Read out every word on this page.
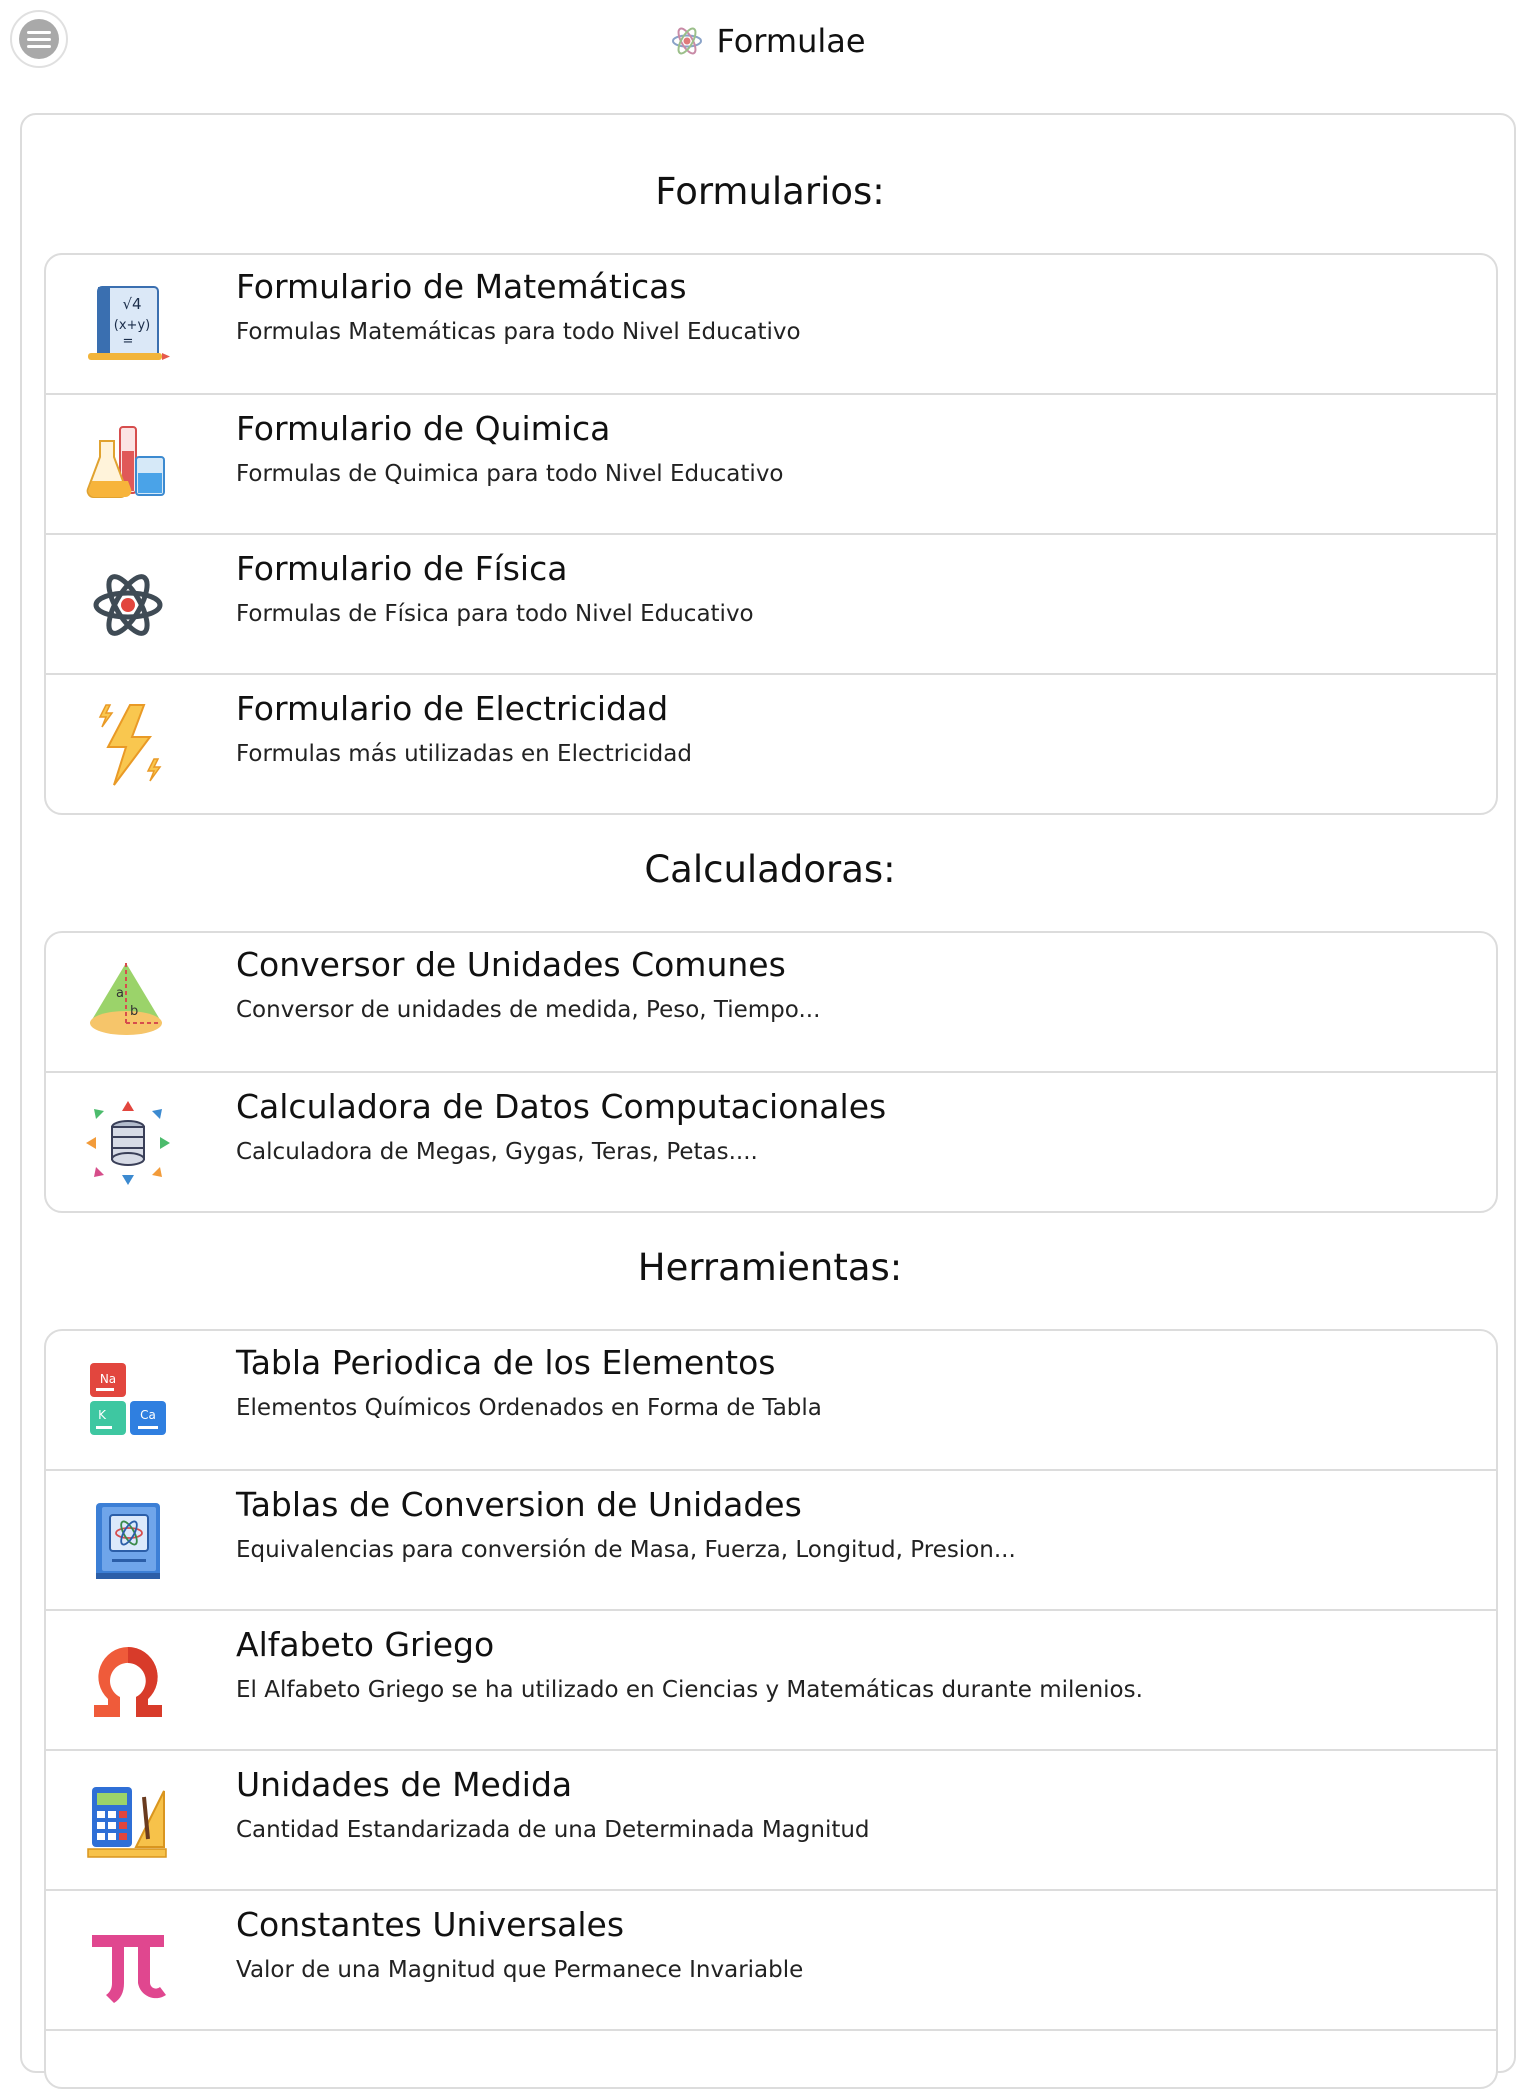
Formulae
Formularios:
√4
(x+y)
=
Formulario de Matemáticas
Formulas Matemáticas para todo Nivel Educativo
Formulario de Quimica
Formulas de Quimica para todo Nivel Educativo
Formulario de Física
Formulas de Física para todo Nivel Educativo
Formulario de Electricidad
Formulas más utilizadas en Electricidad
Calculadoras:
a
b
Conversor de Unidades Comunes
Conversor de unidades de medida, Peso, Tiempo...
Calculadora de Datos Computacionales
Calculadora de Megas, Gygas, Teras, Petas....
Herramientas:
Na
K	Ca
Tabla Periodica de los Elementos
Elementos Químicos Ordenados en Forma de Tabla
Tablas de Conversion de Unidades
Equivalencias para conversión de Masa, Fuerza, Longitud, Presion...
Alfabeto Griego
El Alfabeto Griego se ha utilizado en Ciencias y Matemáticas durante milenios.
Unidades de Medida
Cantidad Estandarizada de una Determinada Magnitud
Constantes Universales
Valor de una Magnitud que Permanece Invariable
